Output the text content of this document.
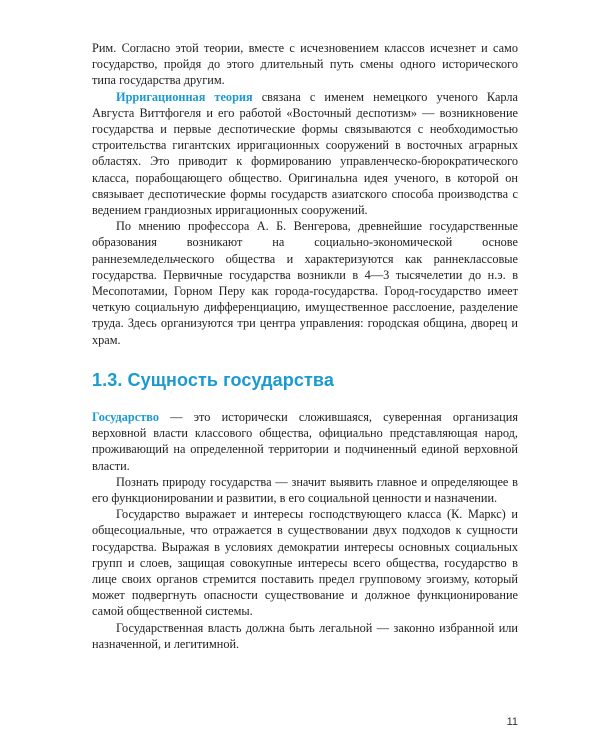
Рим. Согласно этой теории, вместе с исчезновением классов исчезнет и само государство, пройдя до этого длительный путь смены одного исторического типа государства другим.

Ирригационная теория связана с именем немецкого ученого Карла Августа Виттфогеля и его работой «Восточный деспотизм» — возникновение государства и первые деспотические формы связываются с необходимостью строительства гигантских ирригационных сооружений в восточных аграрных областях. Это приводит к формированию управленческо-бюрократического класса, порабощающего общество. Оригинальна идея ученого, в которой он связывает деспотические формы государств азиатского способа производства с ведением грандиозных ирригационных сооружений.

По мнению профессора А. Б. Венгерова, древнейшие государственные образования возникают на социально-экономической основе раннеземледельческого общества и характеризуются как раннеклассовые государства. Первичные государства возникли в 4—3 тысячелетии до н.э. в Месопотамии, Горном Перу как города-государства. Город-государство имеет четкую социальную дифференциацию, имущественное расслоение, разделение труда. Здесь организуются три центра управления: городская община, дворец и храм.

1.3. Сущность государства

Государство — это исторически сложившаяся, суверенная организация верховной власти классового общества, официально представляющая народ, проживающий на определенной территории и подчиненный единой верховной власти.

Познать природу государства — значит выявить главное и определяющее в его функционировании и развитии, в его социальной ценности и назначении.

Государство выражает и интересы господствующего класса (К. Маркс) и общесоциальные, что отражается в существовании двух подходов к сущности государства. Выражая в условиях демократии интересы основных социальных групп и слоев, защищая совокупные интересы всего общества, государство в лице своих органов стремится поставить предел групповому эгоизму, который может подвергнуть опасности существование и должное функционирование самой общественной системы.

Государственная власть должна быть легальной — законно избранной или назначенной, и легитимной.

11
